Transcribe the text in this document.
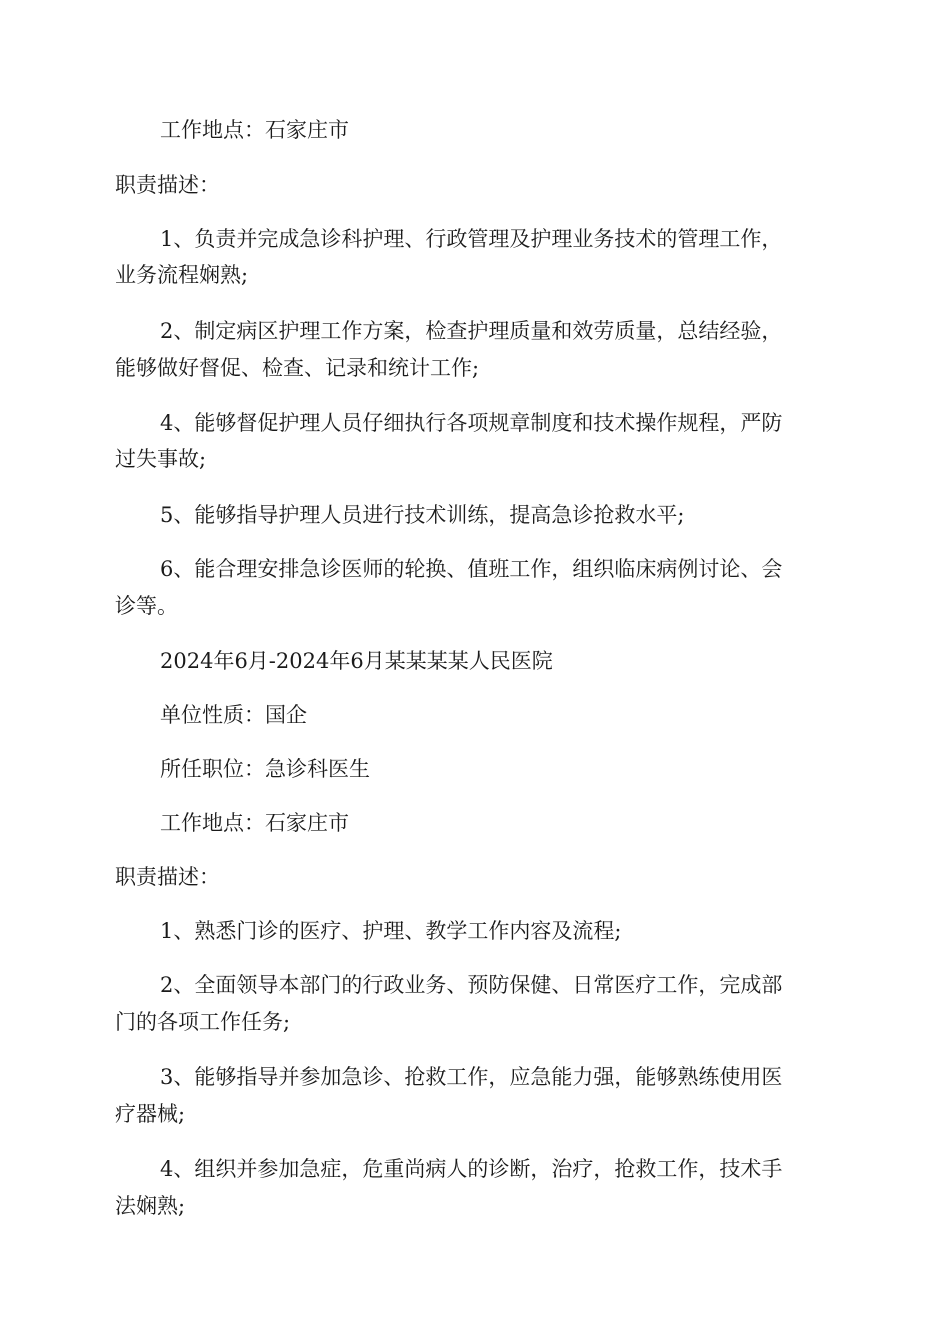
工作地点：石家庄市

职责描述：

1、负责并完成急诊科护理、行政管理及护理业务技术的管理工作，

业务流程娴熟;

2、制定病区护理工作方案，检查护理质量和效劳质量，总结经验，

能够做好督促、检查、记录和统计工作;

4、能够督促护理人员仔细执行各项规章制度和技术操作规程，严防

过失事故;

5、能够指导护理人员进行技术训练，提高急诊抢救水平;

6、能合理安排急诊医师的轮换、值班工作，组织临床病例讨论、会

诊等。

2024年6月-2024年6月某某某某人民医院

单位性质：国企

所任职位：急诊科医生

工作地点：石家庄市

职责描述：

1、熟悉门诊的医疗、护理、教学工作内容及流程;

2、全面领导本部门的行政业务、预防保健、日常医疗工作，完成部

门的各项工作任务;

3、能够指导并参加急诊、抢救工作，应急能力强，能够熟练使用医

疗器械;

4、组织并参加急症，危重尚病人的诊断，治疗，抢救工作，技术手

法娴熟;
